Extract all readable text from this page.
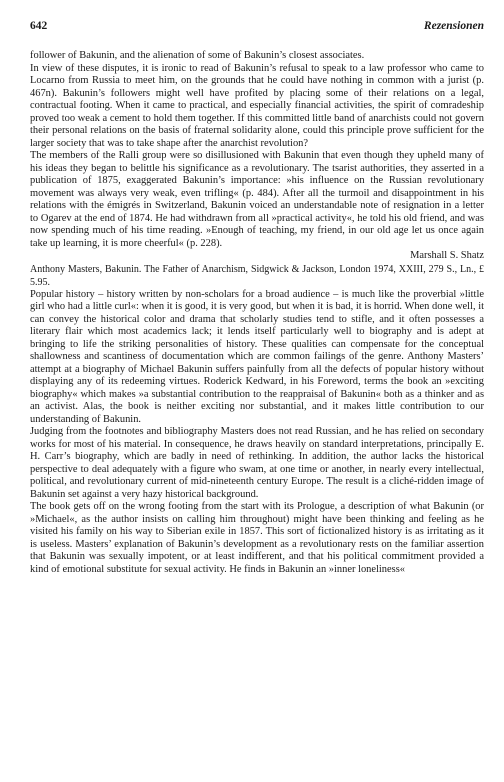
642	Rezensionen

follower of Bakunin, and the alienation of some of Bakunin’s closest associates.

In view of these disputes, it is ironic to read of Bakunin’s refusal to speak to a law professor who came to Locarno from Russia to meet him, on the grounds that he could have nothing in common with a jurist (p. 467n). Bakunin’s followers might well have profited by placing some of their relations on a legal, contractual footing. When it came to practical, and especially financial activities, the spirit of comradeship proved too weak a cement to hold them together. If this committed little band of anarchists could not govern their personal relations on the basis of fraternal solidarity alone, could this principle prove sufficient for the larger society that was to take shape after the anarchist revolution?

The members of the Ralli group were so disillusioned with Bakunin that even though they upheld many of his ideas they began to belittle his significance as a revolutionary. The tsarist authorities, they asserted in a publication of 1875, exaggerated Bakunin’s importance: »his influence on the Russian revolutionary movement was always very weak, even trifling« (p. 484). After all the turmoil and disappointment in his relations with the émigrés in Switzerland, Bakunin voiced an understandable note of resignation in a letter to Ogarev at the end of 1874. He had withdrawn from all »practical activity«, he told his old friend, and was now spending much of his time reading. »Enough of teaching, my friend, in our old age let us once again take up learning, it is more cheerful« (p. 228).

Marshall S. Shatz

Anthony Masters, Bakunin. The Father of Anarchism, Sidgwick & Jackson, London 1974, XXIII, 279 S., Ln., £ 5.95.

Popular history – history written by non-scholars for a broad audience – is much like the proverbial »little girl who had a little curl«: when it is good, it is very good, but when it is bad, it is horrid. When done well, it can convey the historical color and drama that scholarly studies tend to stifle, and it often possesses a literary flair which most academics lack; it lends itself particularly well to biography and is adept at bringing to life the striking personalities of history. These qualities can compensate for the conceptual shallowness and scantiness of documentation which are common failings of the genre. Anthony Masters’ attempt at a biography of Michael Bakunin suffers painfully from all the defects of popular history without displaying any of its redeeming virtues. Roderick Kedward, in his Foreword, terms the book an »exciting biography« which makes »a substantial contribution to the reappraisal of Bakunin« both as a thinker and as an activist. Alas, the book is neither exciting nor substantial, and it makes little contribution to our understanding of Bakunin.

Judging from the footnotes and bibliography Masters does not read Russian, and he has relied on secondary works for most of his material. In consequence, he draws heavily on standard interpretations, principally E. H. Carr’s biography, which are badly in need of rethinking. In addition, the author lacks the historical perspective to deal adequately with a figure who swam, at one time or another, in nearly every intellectual, political, and revolutionary current of mid-nineteenth century Europe. The result is a cliché-ridden image of Bakunin set against a very hazy historical background.

The book gets off on the wrong footing from the start with its Prologue, a description of what Bakunin (or »Michael«, as the author insists on calling him throughout) might have been thinking and feeling as he visited his family on his way to Siberian exile in 1857. This sort of fictionalized history is as irritating as it is useless. Masters’ explanation of Bakunin’s development as a revolutionary rests on the familiar assertion that Bakunin was sexually impotent, or at least indifferent, and that his political commitment provided a kind of emotional substitute for sexual activity. He finds in Bakunin an »inner loneliness«
